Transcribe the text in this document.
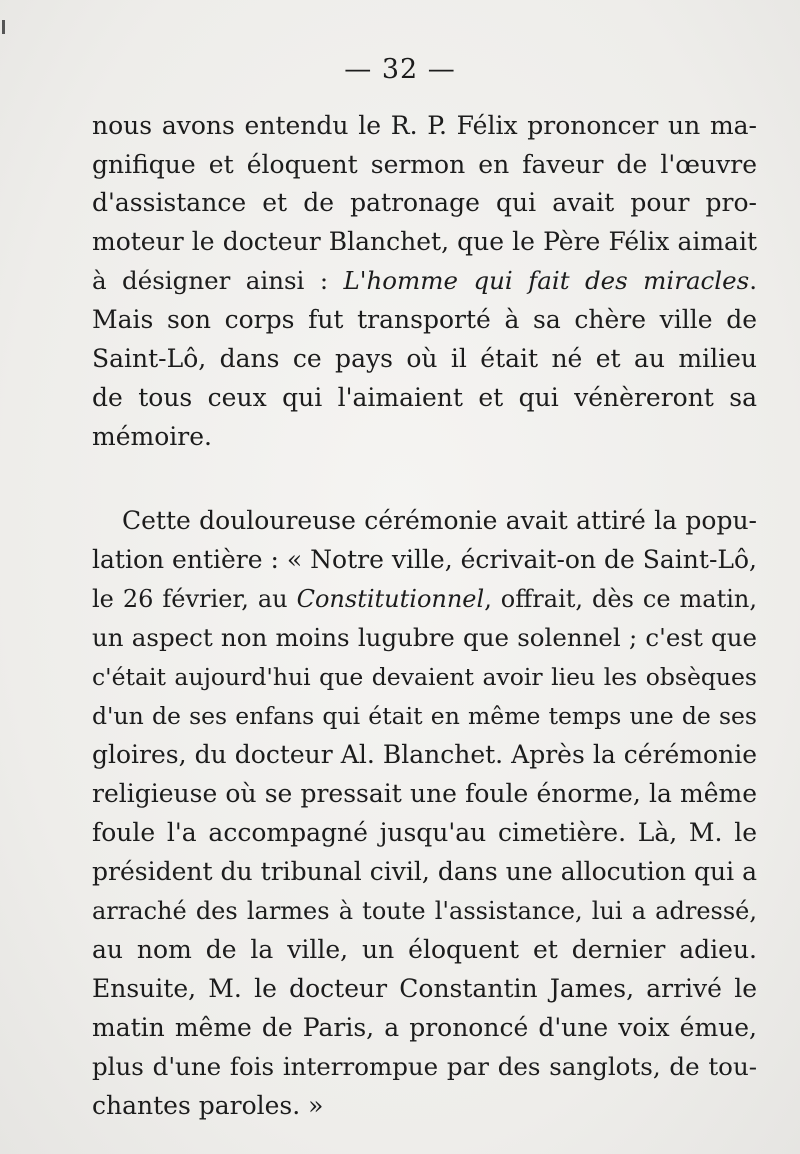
— 32 —
nous avons entendu le R. P. Félix prononcer un ma-
gnifique et éloquent sermon en faveur de l'œuvre
d'assistance et de patronage qui avait pour pro-
moteur le docteur Blanchet, que le Père Félix aimait
à désigner ainsi : L'homme qui fait des miracles.
Mais son corps fut transporté à sa chère ville de
Saint-Lô, dans ce pays où il était né et au milieu
de tous ceux qui l'aimaient et qui vénèreront sa
mémoire.
Cette douloureuse cérémonie avait attiré la popu-
lation entière : « Notre ville, écrivait-on de Saint-Lô,
le 26 février, au Constitutionnel, offrait, dès ce matin,
un aspect non moins lugubre que solennel ; c'est que
c'était aujourd'hui que devaient avoir lieu les obsèques
d'un de ses enfans qui était en même temps une de ses
gloires, du docteur Al. Blanchet. Après la cérémonie
religieuse où se pressait une foule énorme, la même
foule l'a accompagné jusqu'au cimetière. Là, M. le
président du tribunal civil, dans une allocution qui a
arraché des larmes à toute l'assistance, lui a adressé,
au nom de la ville, un éloquent et dernier adieu.
Ensuite, M. le docteur Constantin James, arrivé le
matin même de Paris, a prononcé d'une voix émue,
plus d'une fois interrompue par des sanglots, de tou-
chantes paroles. »
